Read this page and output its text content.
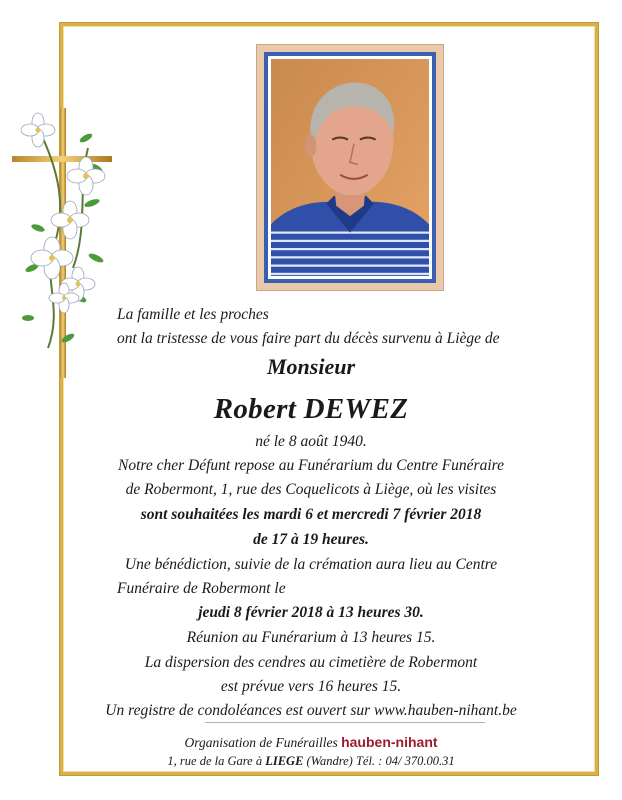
La famille et les proches
ont la tristesse de vous faire part du décès survenu à Liège de
Monsieur
Robert DEWEZ
né le 8 août 1940.
Notre cher Défunt repose au Funérarium du Centre Funéraire
de Robermont, 1, rue des Coquelicots à Liège, où les visites
sont souhaitées les mardi 6 et mercredi 7 février 2018
de 17 à 19 heures.
Une bénédiction, suivie de la crémation aura lieu au Centre
Funéraire de Robermont le
jeudi 8 février 2018 à 13 heures 30.
Réunion au Funérarium à 13 heures 15.
La dispersion des cendres au cimetière de Robermont
est prévue vers 16 heures 15.
Un registre de condoléances est ouvert sur www.hauben-nihant.be
Organisation de Funérailles hauben-nihant
1, rue de la Gare à LIEGE (Wandre) Tél. : 04/ 370.00.31
